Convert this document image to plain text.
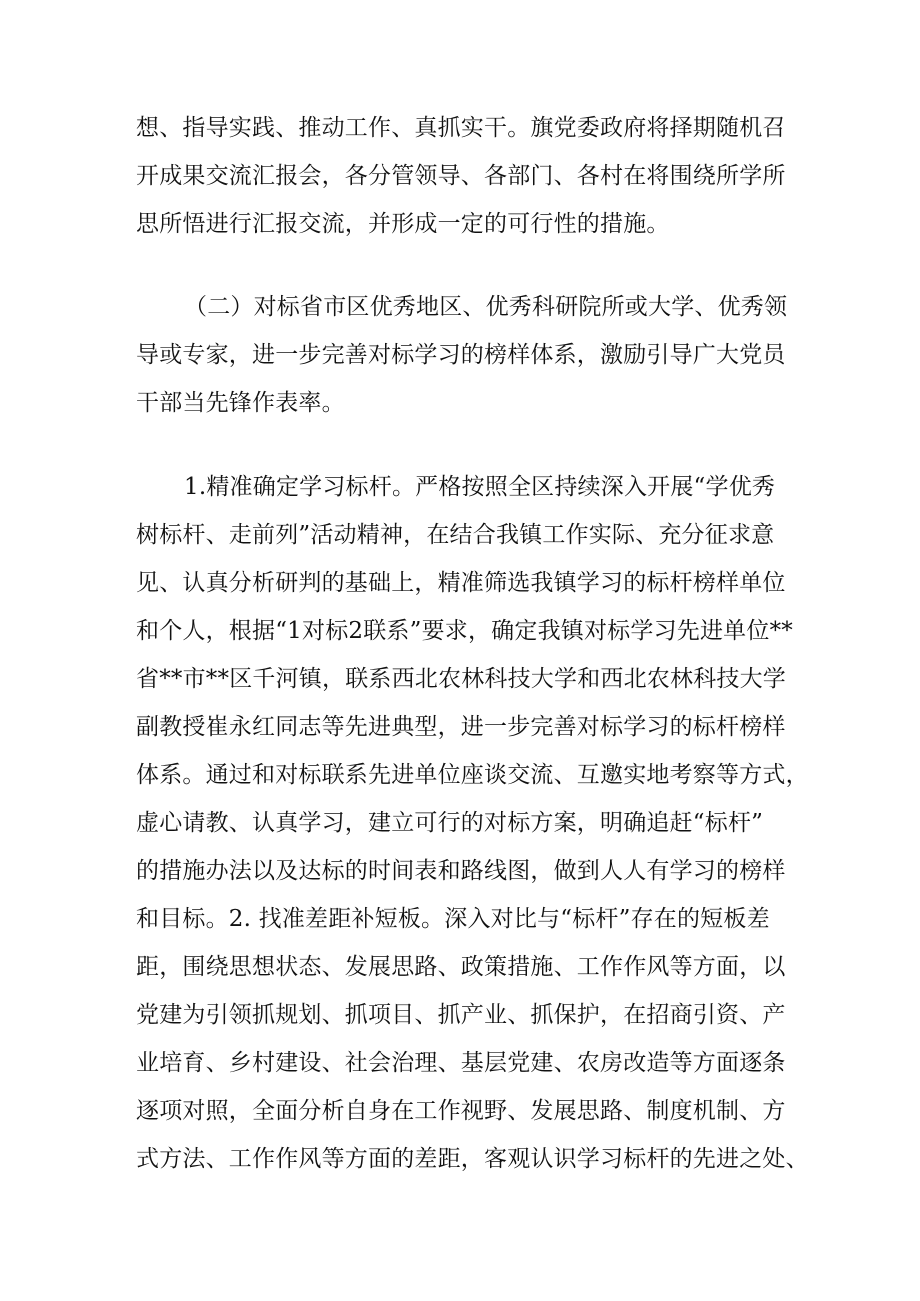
想、指导实践、推动工作、真抓实干。旗党委政府将择期随机召
开成果交流汇报会，各分管领导、各部门、各村在将围绕所学所
思所悟进行汇报交流，并形成一定的可行性的措施。
（二）对标省市区优秀地区、优秀科研院所或大学、优秀领
导或专家，进一步完善对标学习的榜样体系，激励引导广大党员
干部当先锋作表率。
1.精准确定学习标杆。严格按照全区持续深入开展“学优秀
树标杆、走前列”活动精神，在结合我镇工作实际、充分征求意
见、认真分析研判的基础上，精准筛选我镇学习的标杆榜样单位
和个人，根据“1对标2联系”要求，确定我镇对标学习先进单位**
省**市**区千河镇，联系西北农林科技大学和西北农林科技大学
副教授崔永红同志等先进典型，进一步完善对标学习的标杆榜样
体系。通过和对标联系先进单位座谈交流、互邀实地考察等方式，
虚心请教、认真学习，建立可行的对标方案，明确追赶“标杆”
的措施办法以及达标的时间表和路线图，做到人人有学习的榜样
和目标。2. 找准差距补短板。深入对比与“标杆”存在的短板差
距，围绕思想状态、发展思路、政策措施、工作作风等方面，以
党建为引领抓规划、抓项目、抓产业、抓保护，在招商引资、产
业培育、乡村建设、社会治理、基层党建、农房改造等方面逐条
逐项对照，全面分析自身在工作视野、发展思路、制度机制、方
式方法、工作作风等方面的差距，客观认识学习标杆的先进之处、
